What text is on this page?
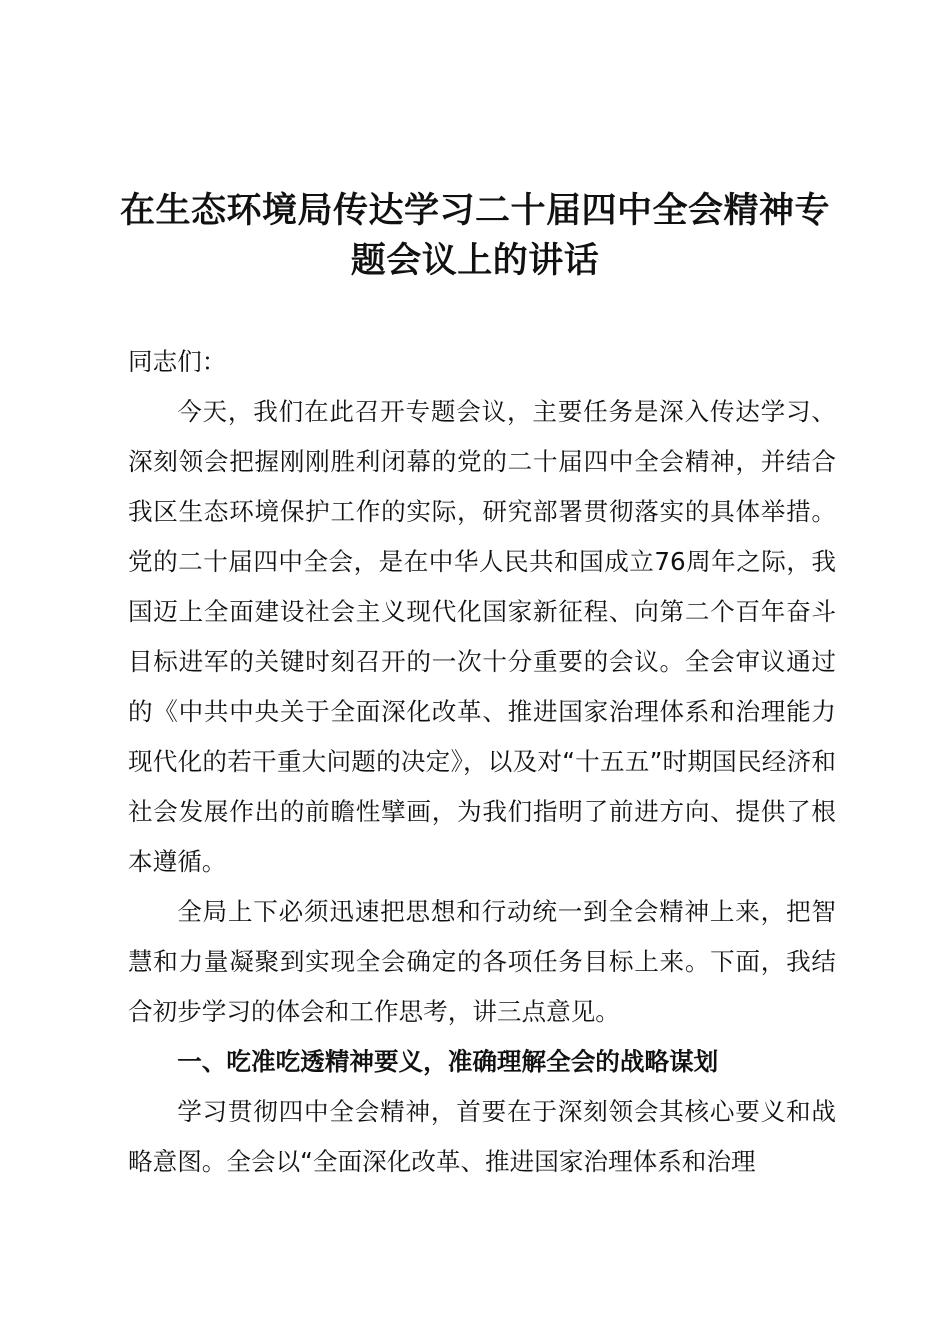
在生态环境局传达学习二十届四中全会精神专题会议上的讲话

同志们：

今天，我们在此召开专题会议，主要任务是深入传达学习、深刻领会把握刚刚胜利闭幕的党的二十届四中全会精神，并结合我区生态环境保护工作的实际，研究部署贯彻落实的具体举措。党的二十届四中全会，是在中华人民共和国成立76周年之际，我国迈上全面建设社会主义现代化国家新征程、向第二个百年奋斗目标进军的关键时刻召开的一次十分重要的会议。全会审议通过的《中共中央关于全面深化改革、推进国家治理体系和治理能力现代化的若干重大问题的决定》，以及对“十五五”时期国民经济和社会发展作出的前瞻性擘画，为我们指明了前进方向、提供了根本遵循。

全局上下必须迅速把思想和行动统一到全会精神上来，把智慧和力量凝聚到实现全会确定的各项任务目标上来。下面，我结合初步学习的体会和工作思考，讲三点意见。

一、吃准吃透精神要义，准确理解全会的战略谋划

学习贯彻四中全会精神，首要在于深刻领会其核心要义和战略意图。全会以“全面深化改革、推进国家治理体系和治理
